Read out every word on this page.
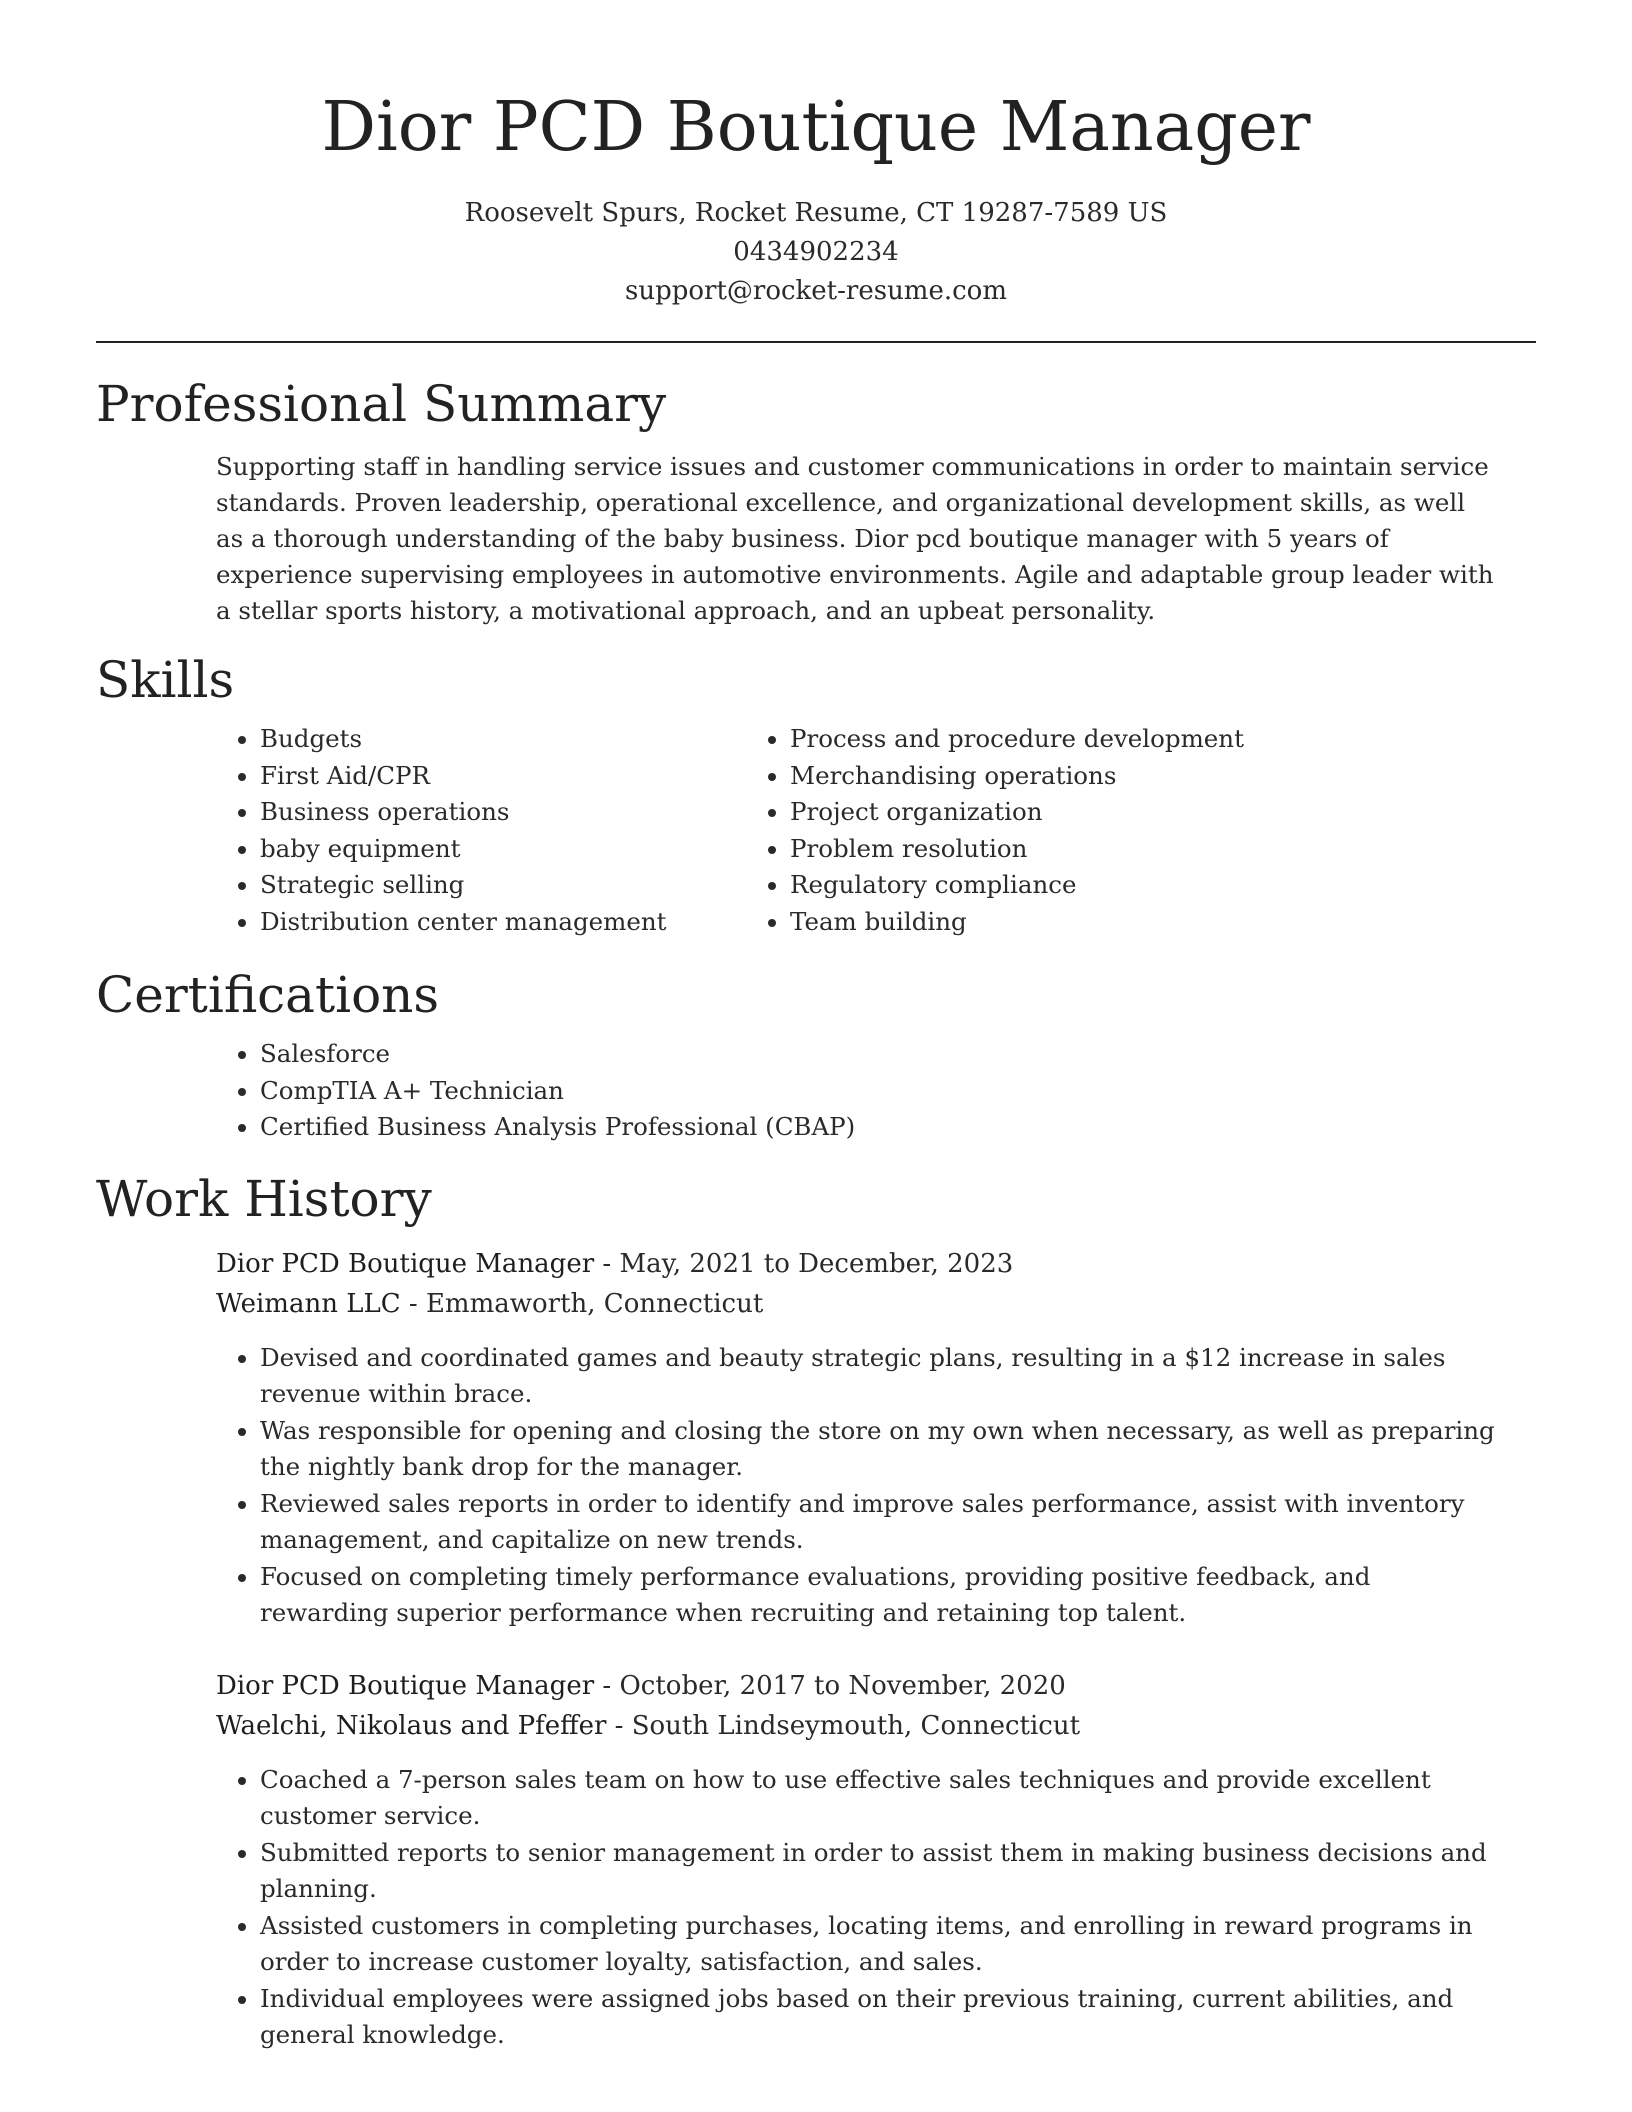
Dior PCD Boutique Manager
Roosevelt Spurs, Rocket Resume, CT 19287-7589 US
0434902234
support@rocket-resume.com
Professional Summary

Supporting staff in handling service issues and customer communications in order to maintain service standards. Proven leadership, operational excellence, and organizational development skills, as well as a thorough understanding of the baby business. Dior pcd boutique manager with 5 years of experience supervising employees in automotive environments. Agile and adaptable group leader with a stellar sports history, a motivational approach, and an upbeat personality.

Skills
• Budgets
• First Aid/CPR
• Business operations
• baby equipment
• Strategic selling
• Distribution center management
• Process and procedure development
• Merchandising operations
• Project organization
• Problem resolution
• Regulatory compliance
• Team building
Certifications
• Salesforce
• CompTIA A+ Technician
• Certified Business Analysis Professional (CBAP)
Work History
Dior PCD Boutique Manager - May, 2021 to December, 2023
Weimann LLC - Emmaworth, Connecticut
• Devised and coordinated games and beauty strategic plans, resulting in a $12 increase in sales revenue within brace.
• Was responsible for opening and closing the store on my own when necessary, as well as preparing the nightly bank drop for the manager.
• Reviewed sales reports in order to identify and improve sales performance, assist with inventory management, and capitalize on new trends.
• Focused on completing timely performance evaluations, providing positive feedback, and rewarding superior performance when recruiting and retaining top talent.
Dior PCD Boutique Manager - October, 2017 to November, 2020
Waelchi, Nikolaus and Pfeffer - South Lindseymouth, Connecticut
• Coached a 7-person sales team on how to use effective sales techniques and provide excellent customer service.
• Submitted reports to senior management in order to assist them in making business decisions and planning.
• Assisted customers in completing purchases, locating items, and enrolling in reward programs in order to increase customer loyalty, satisfaction, and sales.
• Individual employees were assigned jobs based on their previous training, current abilities, and general knowledge.
